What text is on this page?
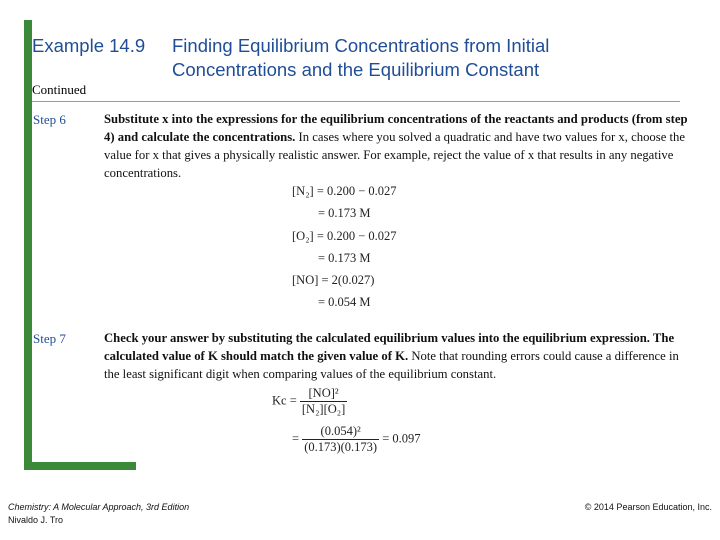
Example 14.9 Finding Equilibrium Concentrations from Initial
Concentrations and the Equilibrium Constant
Continued
Step 6	Substitute x into the expressions for the equilibrium concentrations of the reactants and products (from step 4) and calculate the concentrations. In cases where you solved a quadratic and have two values for x, choose the value for x that gives a physically realistic answer. For example, reject the value of x that results in any negative concentrations.
[N₂] = 0.200 − 0.027
= 0.173 M
[O₂] = 0.200 − 0.027
= 0.173 M
[NO] = 2(0.027)
= 0.054 M
Step 7	Check your answer by substituting the calculated equilibrium values into the equilibrium expression. The calculated value of K should match the given value of K. Note that rounding errors could cause a difference in the least significant digit when comparing values of the equilibrium constant.
$Kc = \frac{\text{[NO]²}}{\text{[N₂][O₂]}}$
= $\frac{\text{(0.054)²}}{(0.173)(0.173)} = 0.097$
Chemistry: A Molecular Approach, 3rd Edition
Nivaldo J. Tro
© 2014 Pearson Education, Inc.
